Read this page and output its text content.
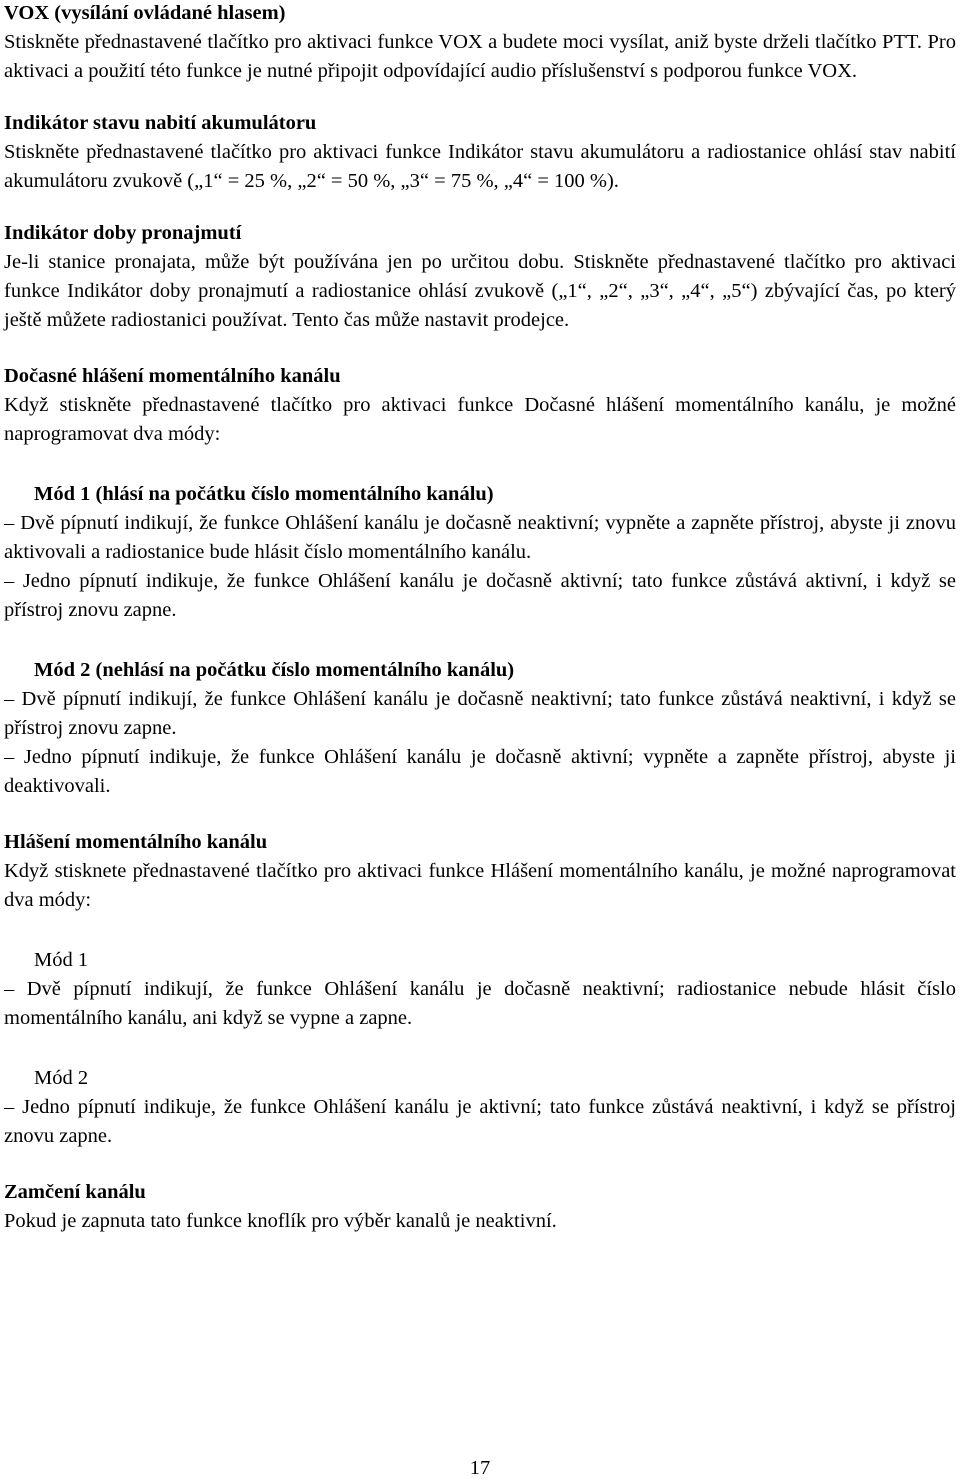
VOX (vysílání ovládané hlasem)

Stiskněte přednastavené tlačítko pro aktivaci funkce VOX a budete moci vysílat, aniž byste drželi tlačítko PTT. Pro aktivaci a použití této funkce je nutné připojit odpovídající audio příslušenství s podporou funkce VOX.

Indikátor stavu nabití akumulátoru

Stiskněte přednastavené tlačítko pro aktivaci funkce Indikátor stavu akumulátoru a radiostanice ohlásí stav nabití akumulátoru zvukově („1“ = 25 %, „2“ = 50 %, „3“ = 75 %, „4“ = 100 %).

Indikátor doby pronajmutí

Je-li stanice pronajata, může být používána jen po určitou dobu. Stiskněte přednastavené tlačítko pro aktivaci funkce Indikátor doby pronajmutí a radiostanice ohlásí zvukově („1“, „2“, „3“, „4“, „5“) zbývající čas, po který ještě můžete radiostanici používat. Tento čas může nastavit prodejce.

Dočasné hlášení momentálního kanálu

Když stiskněte přednastavené tlačítko pro aktivaci funkce Dočasné hlášení momentálního kanálu, je možné naprogramovat dva módy:

Mód 1 (hlásí na počátku číslo momentálního kanálu)

– Dvě pípnutí indikují, že funkce Ohlášení kanálu je dočasně neaktivní; vypněte a zapněte přístroj, abyste ji znovu aktivovali a radiostanice bude hlásit číslo momentálního kanálu.

– Jedno pípnutí indikuje, že funkce Ohlášení kanálu je dočasně aktivní; tato funkce zůstává aktivní, i když se přístroj znovu zapne.

Mód 2 (nehlásí na počátku číslo momentálního kanálu)

– Dvě pípnutí indikují, že funkce Ohlášení kanálu je dočasně neaktivní; tato funkce zůstává neaktivní, i když se přístroj znovu zapne.

– Jedno pípnutí indikuje, že funkce Ohlášení kanálu je dočasně aktivní; vypněte a zapněte přístroj, abyste ji deaktivovali.

Hlášení momentálního kanálu

Když stisknete přednastavené tlačítko pro aktivaci funkce Hlášení momentálního kanálu, je možné naprogramovat dva módy:

Mód 1

– Dvě pípnutí indikují, že funkce Ohlášení kanálu je dočasně neaktivní; radiostanice nebude hlásit číslo momentálního kanálu, ani když se vypne a zapne.

Mód 2

– Jedno pípnutí indikuje, že funkce Ohlášení kanálu je aktivní; tato funkce zůstává neaktivní, i když se přístroj znovu zapne.

Zamčení kanálu

Pokud je zapnuta tato funkce knoflík pro výběr kanalů je neaktivní.

17
